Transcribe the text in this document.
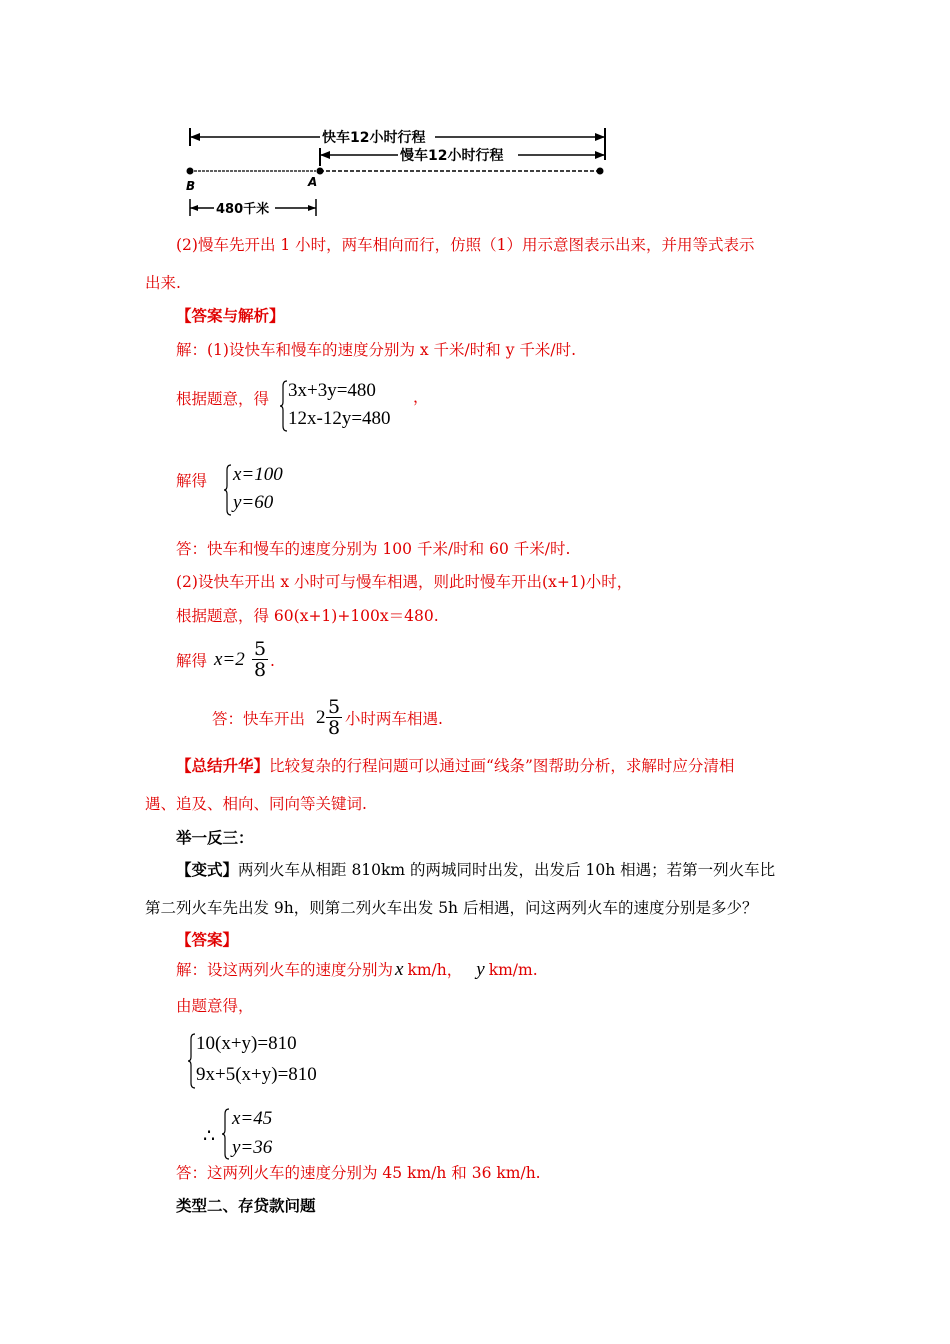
快车12小时行程
慢车12小时行程
B	A
480千米
(2)慢车先开出 1 小时，两车相向而行，仿照（1）用示意图表示出来，并用等式表示
出来.
【答案与解析】
解：(1)设快车和慢车的速度分别为 x 千米/时和 y 千米/时.
根据题意，得 3x+3y=480
12x-12y=480
，
解得 x=100
y=60
答：快车和慢车的速度分别为 100 千米/时和 60 千米/时.
(2)设快车开出 x 小时可与慢车相遇，则此时慢车开出(x+1)小时，
根据题意，得 60(x+1)+100x＝480.
解得 $x=2 \frac{5}{8}$ .
答：快车开出 $2 \frac{5}{8}$ 小时两车相遇.
【总结升华】比较复杂的行程问题可以通过画“线条”图帮助分析，求解时应分清相
遇、追及、相向、同向等关键词.
举一反三：
【变式】两列火车从相距 810km 的两城同时出发，出发后 10h 相遇；若第一列火车比
第二列火车先出发 9h，则第二列火车出发 5h 后相遇，问这两列火车的速度分别是多少？
【答案】
解：设这两列火车的速度分别为 x km/h， y km/m.
由题意得，
10(x+y)=810
9x+5(x+y)=810
∴
x=45
y=36
答：这两列火车的速度分别为 45 km/h 和 36 km/h.
类型二、存贷款问题
